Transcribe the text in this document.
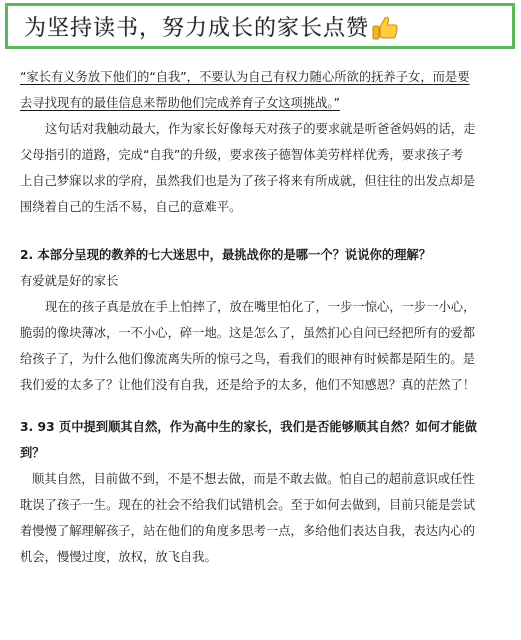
为坚持读书，努力成长的家长点赞
“家长有义务放下他们的“自我”，不要认为自己有权力随心所欲的抚养子女，而是要
去寻找现有的最佳信息来帮助他们完成养育子女这项挑战。”
这句话对我触动最大，作为家长好像每天对孩子的要求就是听爸爸妈妈的话，走
父母指引的道路，完成“自我”的升级，要求孩子德智体美劳样样优秀，要求孩子考
上自己梦寐以求的学府，虽然我们也是为了孩子将来有所成就，但往往的出发点却是
围绕着自己的生活不易，自己的意难平。
2. 本部分呈现的教养的七大迷思中，最挑战你的是哪一个？说说你的理解？
有爱就是好的家长
现在的孩子真是放在手上怕摔了，放在嘴里怕化了，一步一惊心，一步一小心，
脆弱的像块薄冰，一不小心，碎一地。这是怎么了，虽然扪心自问已经把所有的爱都
给孩子了，为什么他们像流离失所的惊弓之鸟，看我们的眼神有时候都是陌生的。是
我们爱的太多了？让他们没有自我，还是给予的太多，他们不知感恩？真的茫然了！
3. 93 页中提到顺其自然，作为高中生的家长，我们是否能够顺其自然？如何才能做
到？
顺其自然，目前做不到，不是不想去做，而是不敢去做。怕自己的超前意识或任性
耽误了孩子一生。现在的社会不给我们试错机会。至于如何去做到，目前只能是尝试
着慢慢了解理解孩子，站在他们的角度多思考一点，多给他们表达自我，表达内心的
机会，慢慢过度，放权，放飞自我。
